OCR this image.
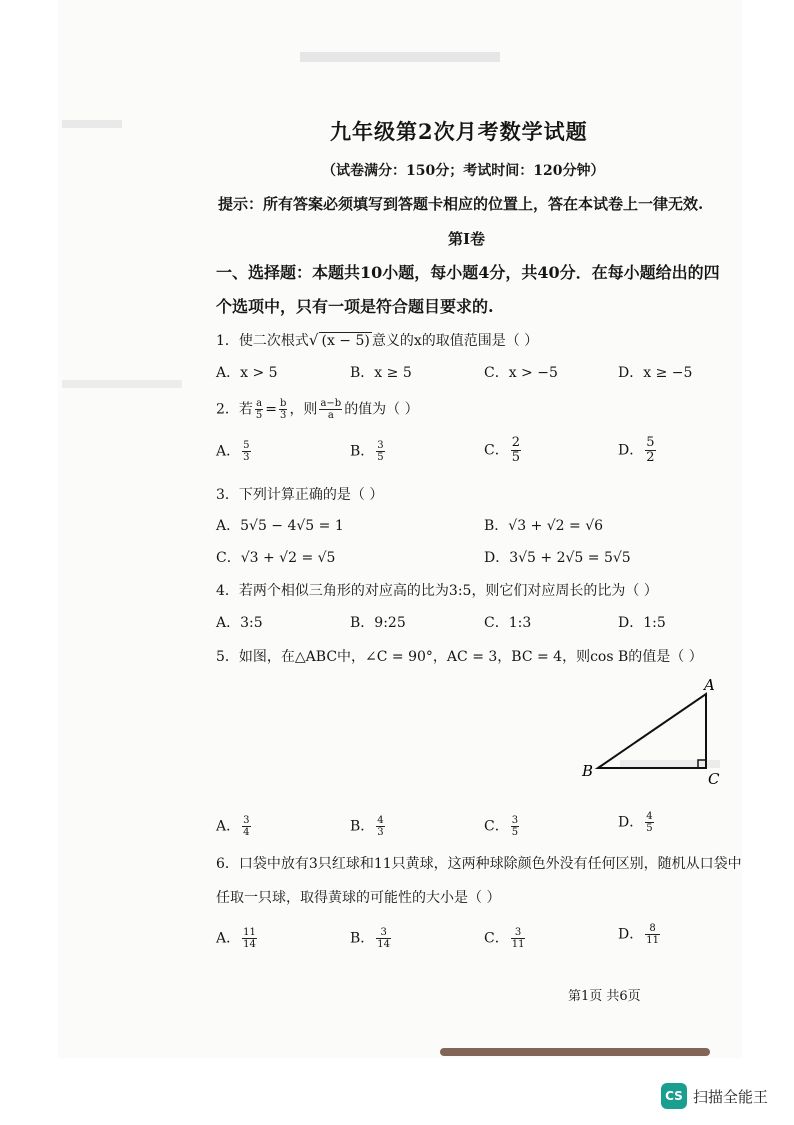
九年级第2次月考数学试题
（试卷满分：150分；考试时间：120分钟）
提示：所有答案必须填写到答题卡相应的位置上，答在本试卷上一律无效.
第Ⅰ卷
一、选择题：本题共10小题，每小题4分，共40分．在每小题给出的四
个选项中，只有一项是符合题目要求的.
1．使二次根式√ (x − 5) 意义的x的取值范围是（ ）
A．x > 5	B．x ≥ 5	C．x > −5	D．x ≥ −5
2．若 $\frac{a}{5} = \frac{b}{3}$ ，则 $\frac{a-b}{a}$ 的值为（ ）
A． $\frac{5}{3}$	B． $\frac{3}{5}$	C． $\frac{2}{5}$	D． $\frac{5}{2}$
3．下列计算正确的是（ ）
A．5√5 − 4√5 = 1	B．√3 + √2 = √6
C．√3 + √2 = √5	D．3√5 + 2√5 = 5√5
4．若两个相似三角形的对应高的比为3:5，则它们对应周长的比为（ ）
A．3:5	B．9:25	C．1:3	D．1:5
5．如图，在△ABC中，∠C = 90°，AC = 3，BC = 4，则cos B的值是（ ）
A
B	C
A． $\frac{3}{4}$	B． $\frac{4}{3}$	C． $\frac{3}{5}$	D． $\frac{4}{5}$
6．口袋中放有3只红球和11只黄球，这两种球除颜色外没有任何区别，随机从口袋中
任取一只球，取得黄球的可能性的大小是（ ）
A． $\frac{11}{14}$	B． $\frac{3}{14}$	C． $\frac{3}{11}$	D． $\frac{8}{11}$
第1页 共6页
CS 扫描全能王
